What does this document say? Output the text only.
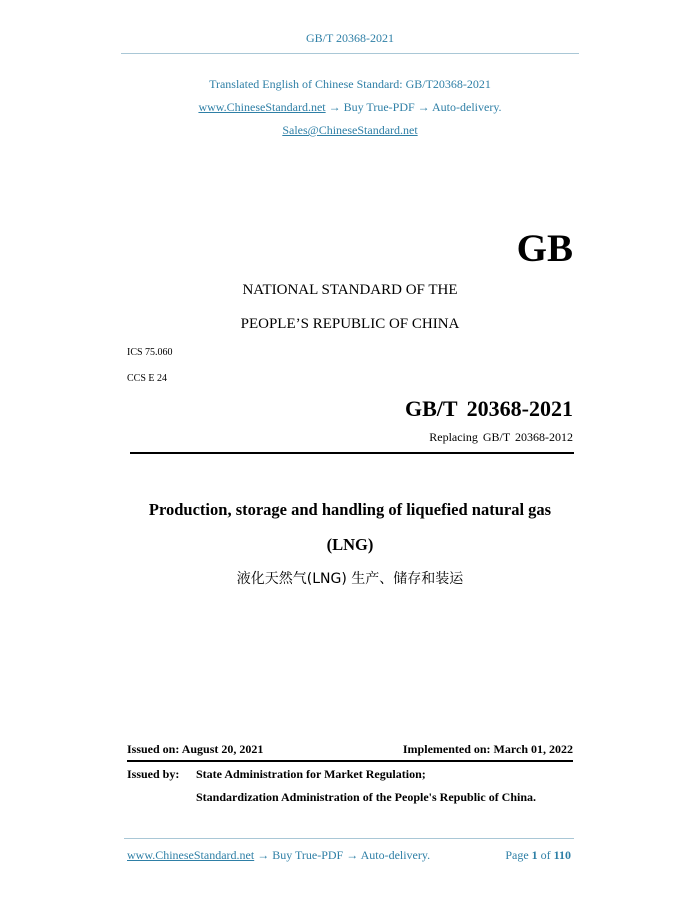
GB/T 20368-2021
Translated English of Chinese Standard: GB/T20368-2021
www.ChineseStandard.net → Buy True-PDF → Auto-delivery.
Sales@ChineseStandard.net
GB
NATIONAL STANDARD OF THE
PEOPLE’S REPUBLIC OF CHINA
ICS 75.060
CCS E 24
GB/T 20368-2021
Replacing GB/T 20368-2012
Production, storage and handling of liquefied natural gas
(LNG)
液化天然气(LNG) 生产、储存和装运
Issued on: August 20, 2021	Implemented on: March 01, 2022
Issued by: State Administration for Market Regulation;
Standardization Administration of the People's Republic of China.
www.ChineseStandard.net → Buy True-PDF → Auto-delivery.	Page 1 of 110
